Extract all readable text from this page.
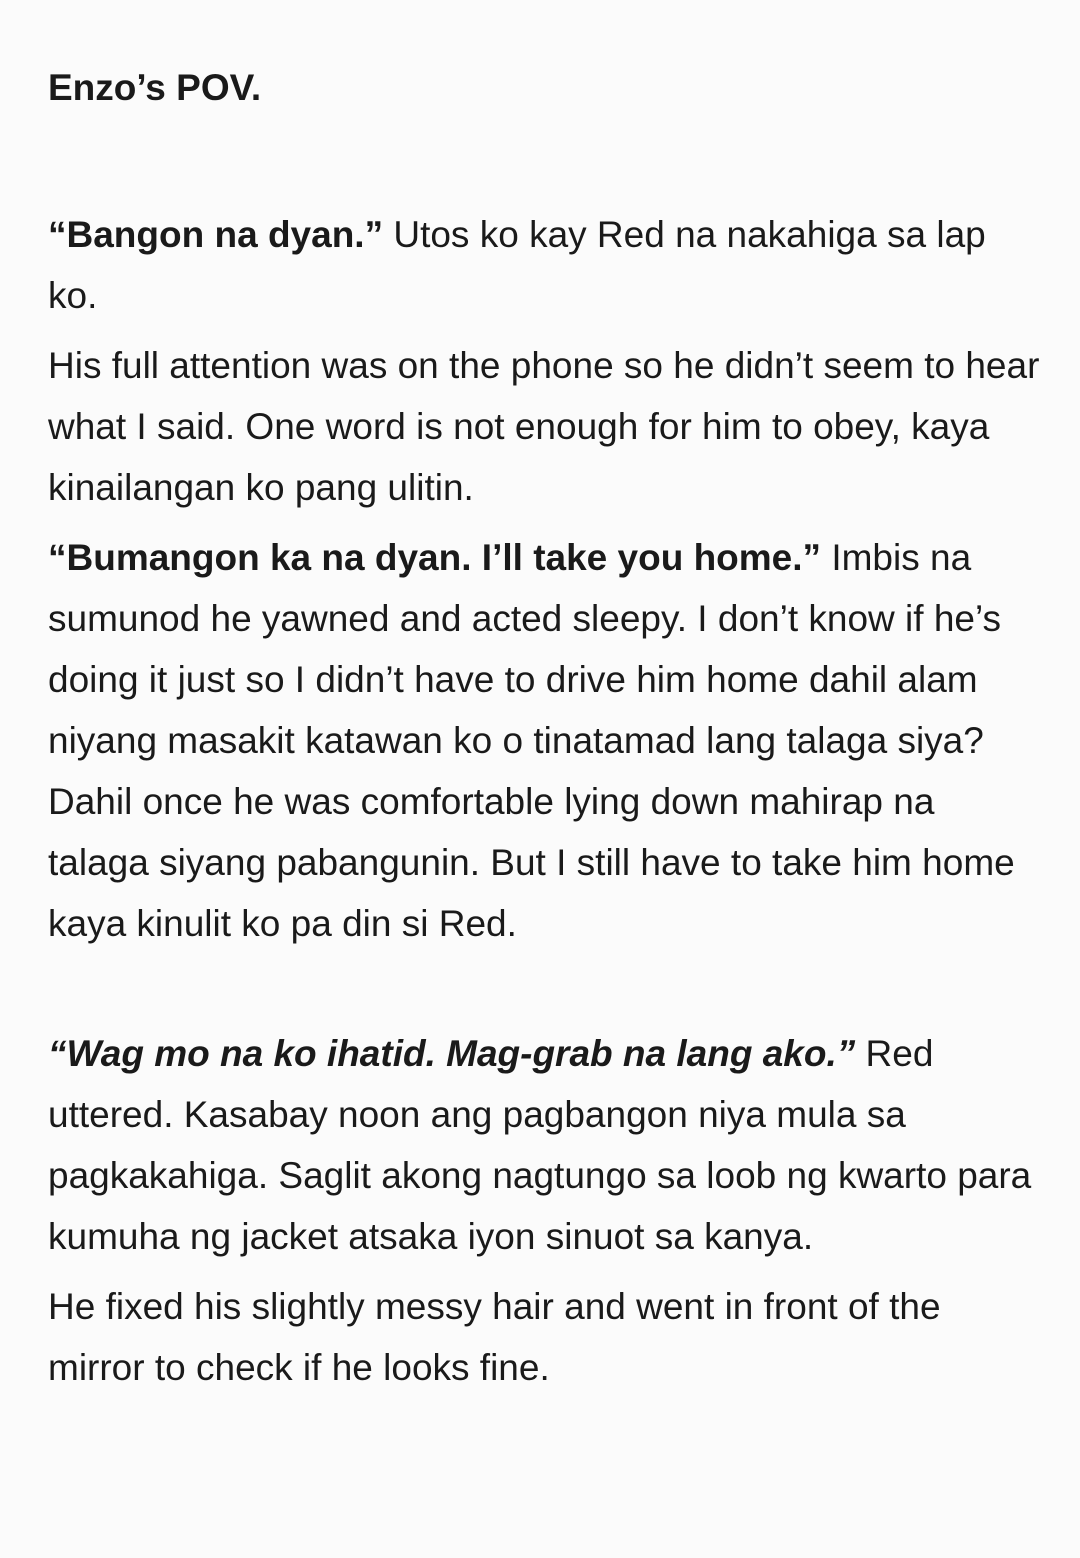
Enzo’s POV.

“Bangon na dyan.” Utos ko kay Red na nakahiga sa lap ko.

His full attention was on the phone so he didn’t seem to hear what I said. One word is not enough for him to obey, kaya kinailangan ko pang ulitin.

“Bumangon ka na dyan. I’ll take you home.” Imbis na sumunod he yawned and acted sleepy. I don’t know if he’s doing it just so I didn’t have to drive him home dahil alam niyang masakit katawan ko o tinatamad lang talaga siya? Dahil once he was comfortable lying down mahirap na talaga siyang pabangunin. But I still have to take him home kaya kinulit ko pa din si Red.

“Wag mo na ko ihatid. Mag-grab na lang ako.” Red uttered. Kasabay noon ang pagbangon niya mula sa pagkakahiga. Saglit akong nagtungo sa loob ng kwarto para kumuha ng jacket atsaka iyon sinuot sa kanya.

He fixed his slightly messy hair and went in front of the mirror to check if he looks fine.
